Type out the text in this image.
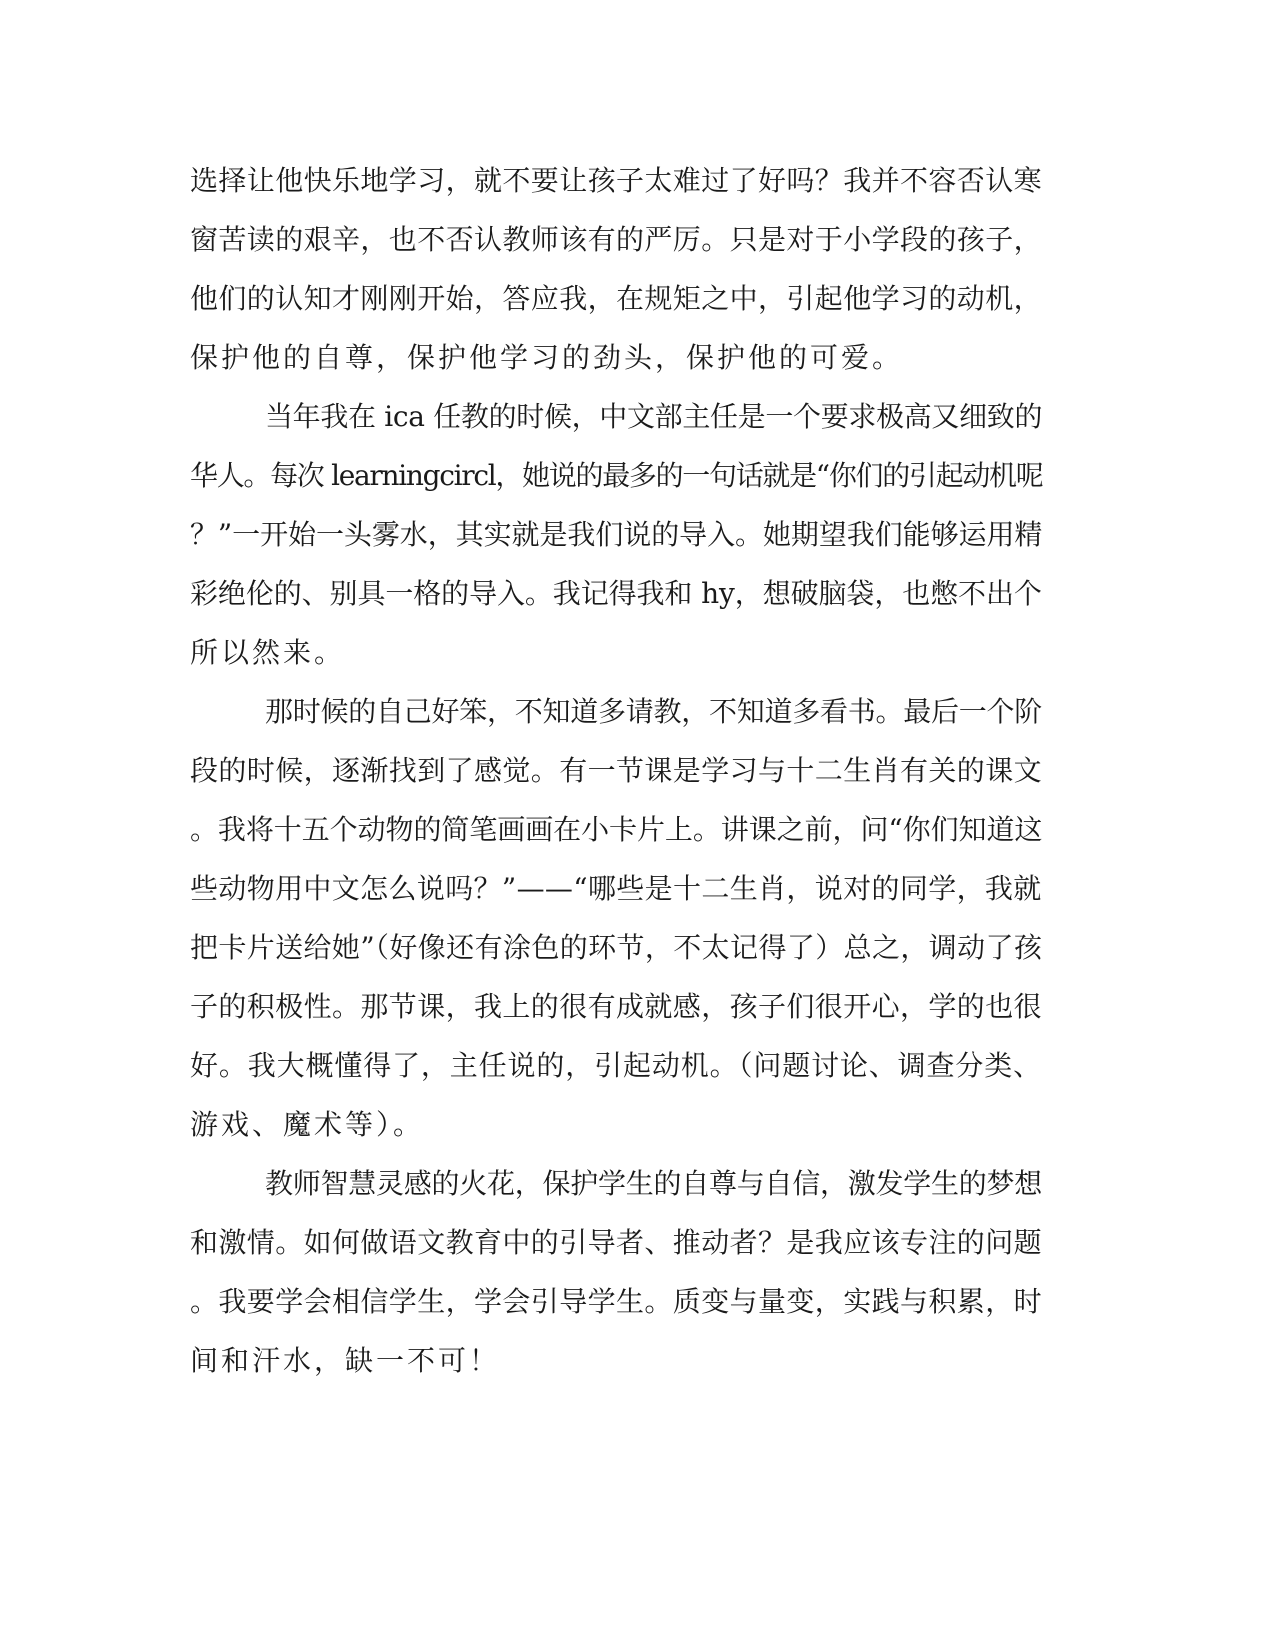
选择让他快乐地学习，就不要让孩子太难过了好吗？我并不容否认寒
窗苦读的艰辛，也不否认教师该有的严厉。只是对于小学段的孩子，
他们的认知才刚刚开始，答应我，在规矩之中，引起他学习的动机，
保护他的自尊，保护他学习的劲头，保护他的可爱。
当年我在 ica 任教的时候，中文部主任是一个要求极高又细致的
华人。每次 learningcircl，她说的最多的一句话就是“你们的引起动机呢
？”一开始一头雾水，其实就是我们说的导入。她期望我们能够运用精
彩绝伦的、别具一格的导入。我记得我和 hy，想破脑袋，也憋不出个
所以然来。
那时候的自己好笨，不知道多请教，不知道多看书。最后一个阶
段的时候，逐渐找到了感觉。有一节课是学习与十二生肖有关的课文
。我将十五个动物的简笔画画在小卡片上。讲课之前，问“你们知道这
些动物用中文怎么说吗？”——“哪些是十二生肖，说对的同学，我就
把卡片送给她”（好像还有涂色的环节，不太记得了）总之，调动了孩
子的积极性。那节课，我上的很有成就感，孩子们很开心，学的也很
好。我大概懂得了，主任说的，引起动机。（问题讨论、调查分类、
游戏、魔术等）。
教师智慧灵感的火花，保护学生的自尊与自信，激发学生的梦想
和激情。如何做语文教育中的引导者、推动者？是我应该专注的问题
。我要学会相信学生，学会引导学生。质变与量变，实践与积累，时
间和汗水，缺一不可！
